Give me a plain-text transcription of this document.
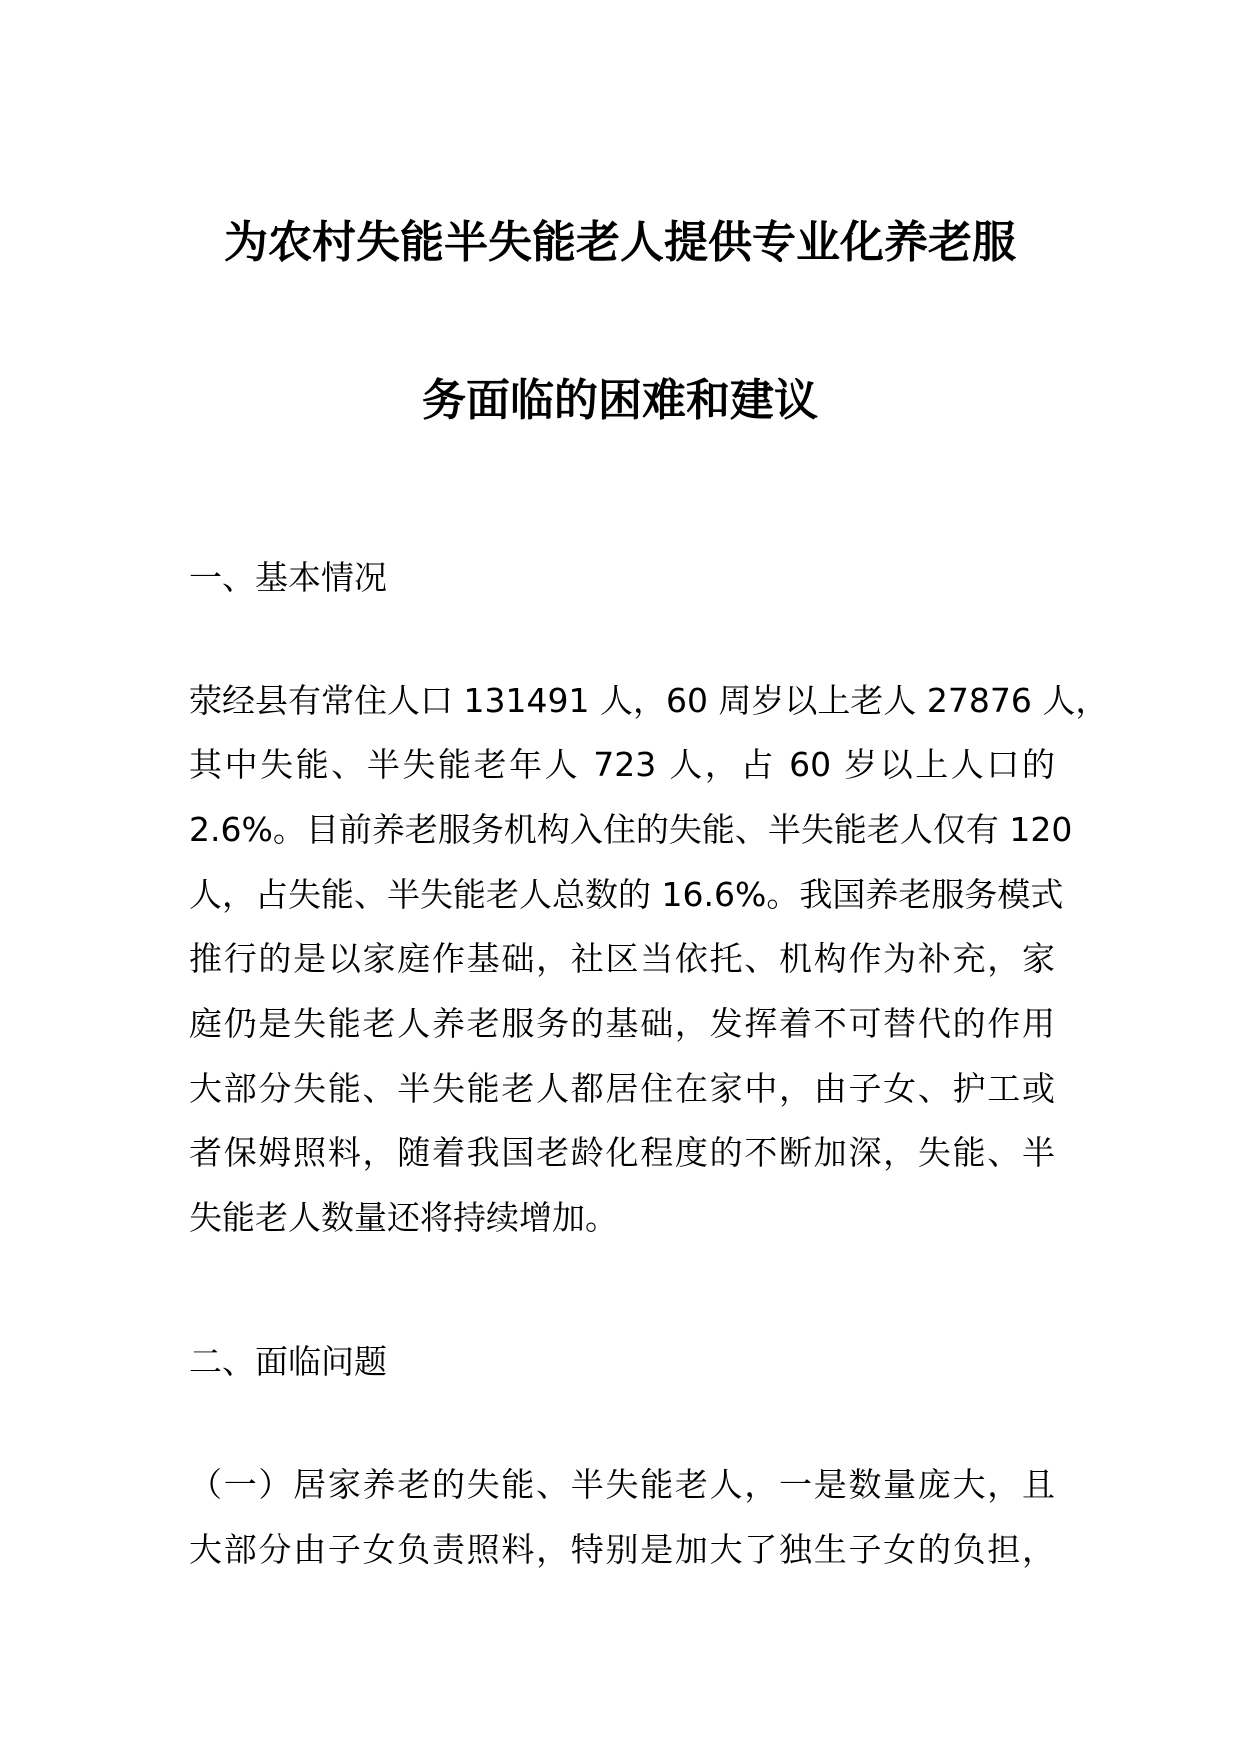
为农村失能半失能老人提供专业化养老服
务面临的困难和建议
一、基本情况
荥经县有常住人口 131491 人，60 周岁以上老人 27876 人，
其中失能、半失能老年人 723 人，占 60 岁以上人口的
2.6%。目前养老服务机构入住的失能、半失能老人仅有 120
人，占失能、半失能老人总数的 16.6%。我国养老服务模式
推行的是以家庭作基础，社区当依托、机构作为补充，家
庭仍是失能老人养老服务的基础，发挥着不可替代的作用
大部分失能、半失能老人都居住在家中，由子女、护工或
者保姆照料，随着我国老龄化程度的不断加深，失能、半
失能老人数量还将持续增加。
二、面临问题
（一）居家养老的失能、半失能老人，一是数量庞大，且
大部分由子女负责照料，特别是加大了独生子女的负担，
